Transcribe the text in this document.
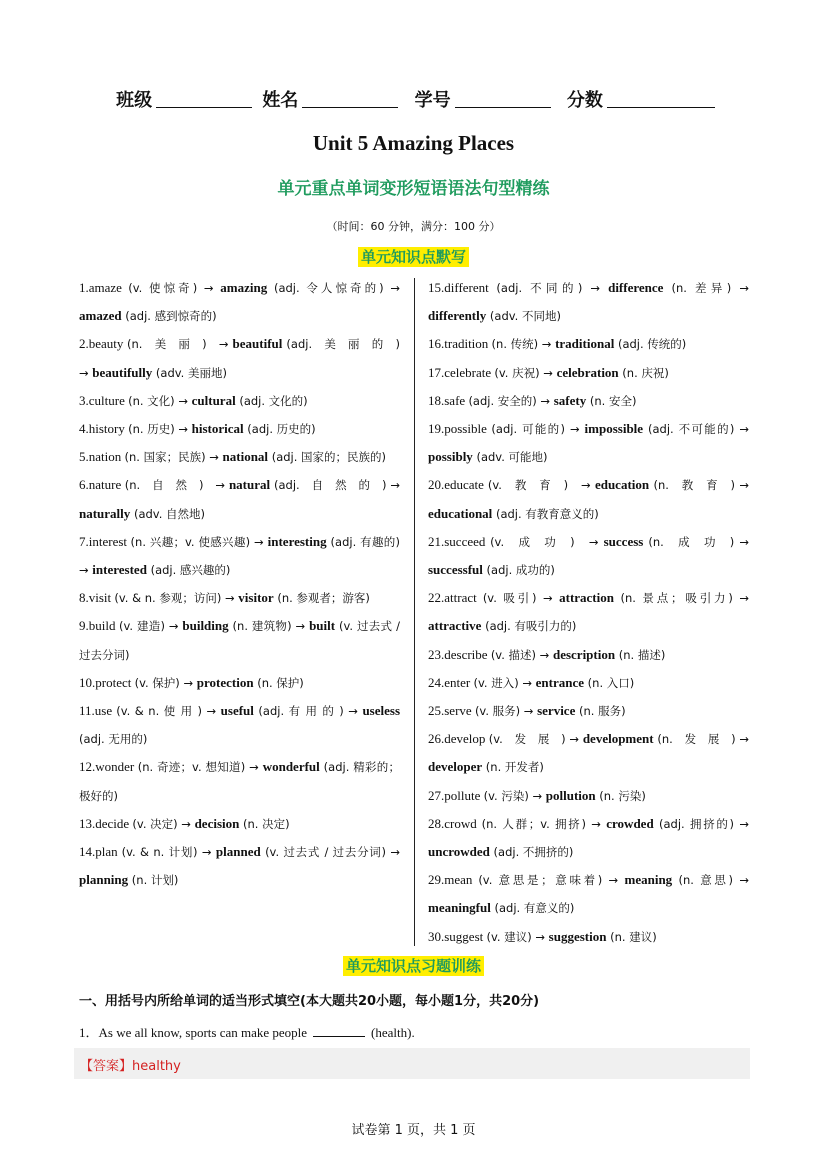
班级	姓名	学号	分数
Unit 5 Amazing Places
单元重点单词变形短语语法句型精练
（时间：60 分钟，满分：100 分）
单元知识点默写
1.amaze (v. 使惊奇) → amazing (adj. 令人惊奇的) → amazed (adj. 感到惊奇的)
2.beauty (n.　美　丽　)　→ beautiful (adj.　美　丽　的　) → beautifully (adv. 美丽地)
3.culture (n. 文化) → cultural (adj. 文化的)
4.history (n. 历史) → historical (adj. 历史的)
5.nation (n. 国家；民族) → national (adj. 国家的；民族的)
6.nature (n.　自　然　)　→ natural (adj.　自　然　的　) → naturally (adv. 自然地)
7.interest (n. 兴趣；v. 使感兴趣) → interesting (adj. 有趣的) → interested (adj. 感兴趣的)
8.visit (v. & n. 参观；访问) → visitor (n. 参观者；游客)
9.build (v. 建造) → building (n. 建筑物) → built (v. 过去式 / 过去分词)
10.protect (v. 保护) → protection (n. 保护)
11.use (v. & n. 使 用 ) → useful (adj. 有 用 的 ) → useless (adj. 无用的)
12.wonder (n. 奇迹；v. 想知道) → wonderful (adj. 精彩的；极好的)
13.decide (v. 决定) → decision (n. 决定)
14.plan (v. & n. 计划) → planned (v. 过去式 / 过去分词) → planning (n. 计划)
15.different (adj. 不同的) → difference (n. 差异) → differently (adv. 不同地)
16.tradition (n. 传统) → traditional (adj. 传统的)
17.celebrate (v. 庆祝) → celebration (n. 庆祝)
18.safe (adj. 安全的) → safety (n. 安全)
19.possible (adj. 可能的) → impossible (adj. 不可能的) → possibly (adv. 可能地)
20.educate (v.　教　育　)　→ education (n.　教　育　) → educational (adj. 有教育意义的)
21.succeed (v.　成　功　)　→ success (n.　成　功　) → successful (adj. 成功的)
22.attract (v. 吸引) → attraction (n. 景点；吸引力) → attractive (adj. 有吸引力的)
23.describe (v. 描述) → description (n. 描述)
24.enter (v. 进入) → entrance (n. 入口)
25.serve (v. 服务) → service (n. 服务)
26.develop (v.　发　展　) → development (n.　发　展　) → developer (n. 开发者)
27.pollute (v. 污染) → pollution (n. 污染)
28.crowd (n. 人群；v. 拥挤) → crowded (adj. 拥挤的) → uncrowded (adj. 不拥挤的)
29.mean (v. 意思是；意味着) → meaning (n. 意思) → meaningful (adj. 有意义的)
30.suggest (v. 建议) → suggestion (n. 建议)
单元知识点习题训练
一、用括号内所给单词的适当形式填空(本大题共20小题，每小题1分，共20分)
1．As we all know, sports can make people	(health).
【答案】healthy
试卷第 1 页，共 1 页
